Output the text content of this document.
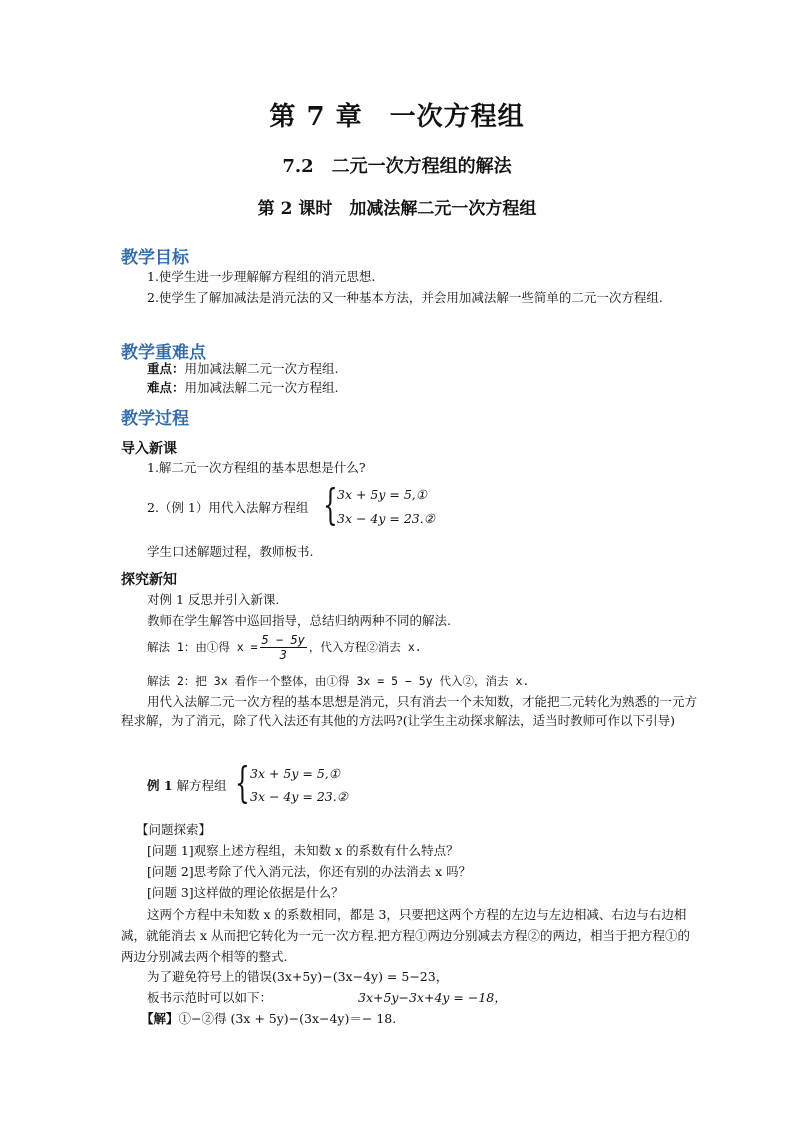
第 7 章　一次方程组
7.2　二元一次方程组的解法
第 2 课时　加减法解二元一次方程组
教学目标
1.使学生进一步理解解方程组的消元思想.
2.使学生了解加减法是消元法的又一种基本方法，并会用加减法解一些简单的二元一次方程组.
教学重难点
重点：用加减法解二元一次方程组.
难点：用加减法解二元一次方程组.
教学过程
导入新课
1.解二元一次方程组的基本思想是什么?
2.（例 1）用代入法解方程组 { 3x + 5y = 5,①
3x − 4y = 23.②
学生口述解题过程，教师板书.
探究新知
对例 1 反思并引入新课.
教师在学生解答中巡回指导，总结归纳两种不同的解法.
解法 1：由①得 $x = \frac{5 - 5y}{3}$ ，代入方程②消去 x.
解法 2：把 3x 看作一个整体，由①得 3x = 5 − 5y 代入②，消去 x.
用代入法解二元一次方程的基本思想是消元，只有消去一个未知数，才能把二元转化为熟悉的一元方程求解，为了消元，除了代入法还有其他的方法吗?(让学生主动探求解法，适当时教师可作以下引导)
例 1 解方程组 { 3x + 5y = 5,①
3x − 4y = 23.②
【问题探索】
[问题 1]观察上述方程组，未知数 x 的系数有什么特点？
[问题 2]思考除了代入消元法，你还有别的办法消去 x 吗？
[问题 3]这样做的理论依据是什么？
这两个方程中未知数 x 的系数相同，都是 3，只要把这两个方程的左边与左边相减、右边与右边相减，就能消去 x 从而把它转化为一元一次方程.把方程①两边分别减去方程②的两边，相当于把方程①的两边分别减去两个相等的整式.
为了避免符号上的错误(3x+5y)−(3x−4y) = 5−23，
板书示范时可以如下：	3x+5y−3x+4y = −18，
【解】①−②得 (3x + 5y)−(3x−4y)＝− 18.
